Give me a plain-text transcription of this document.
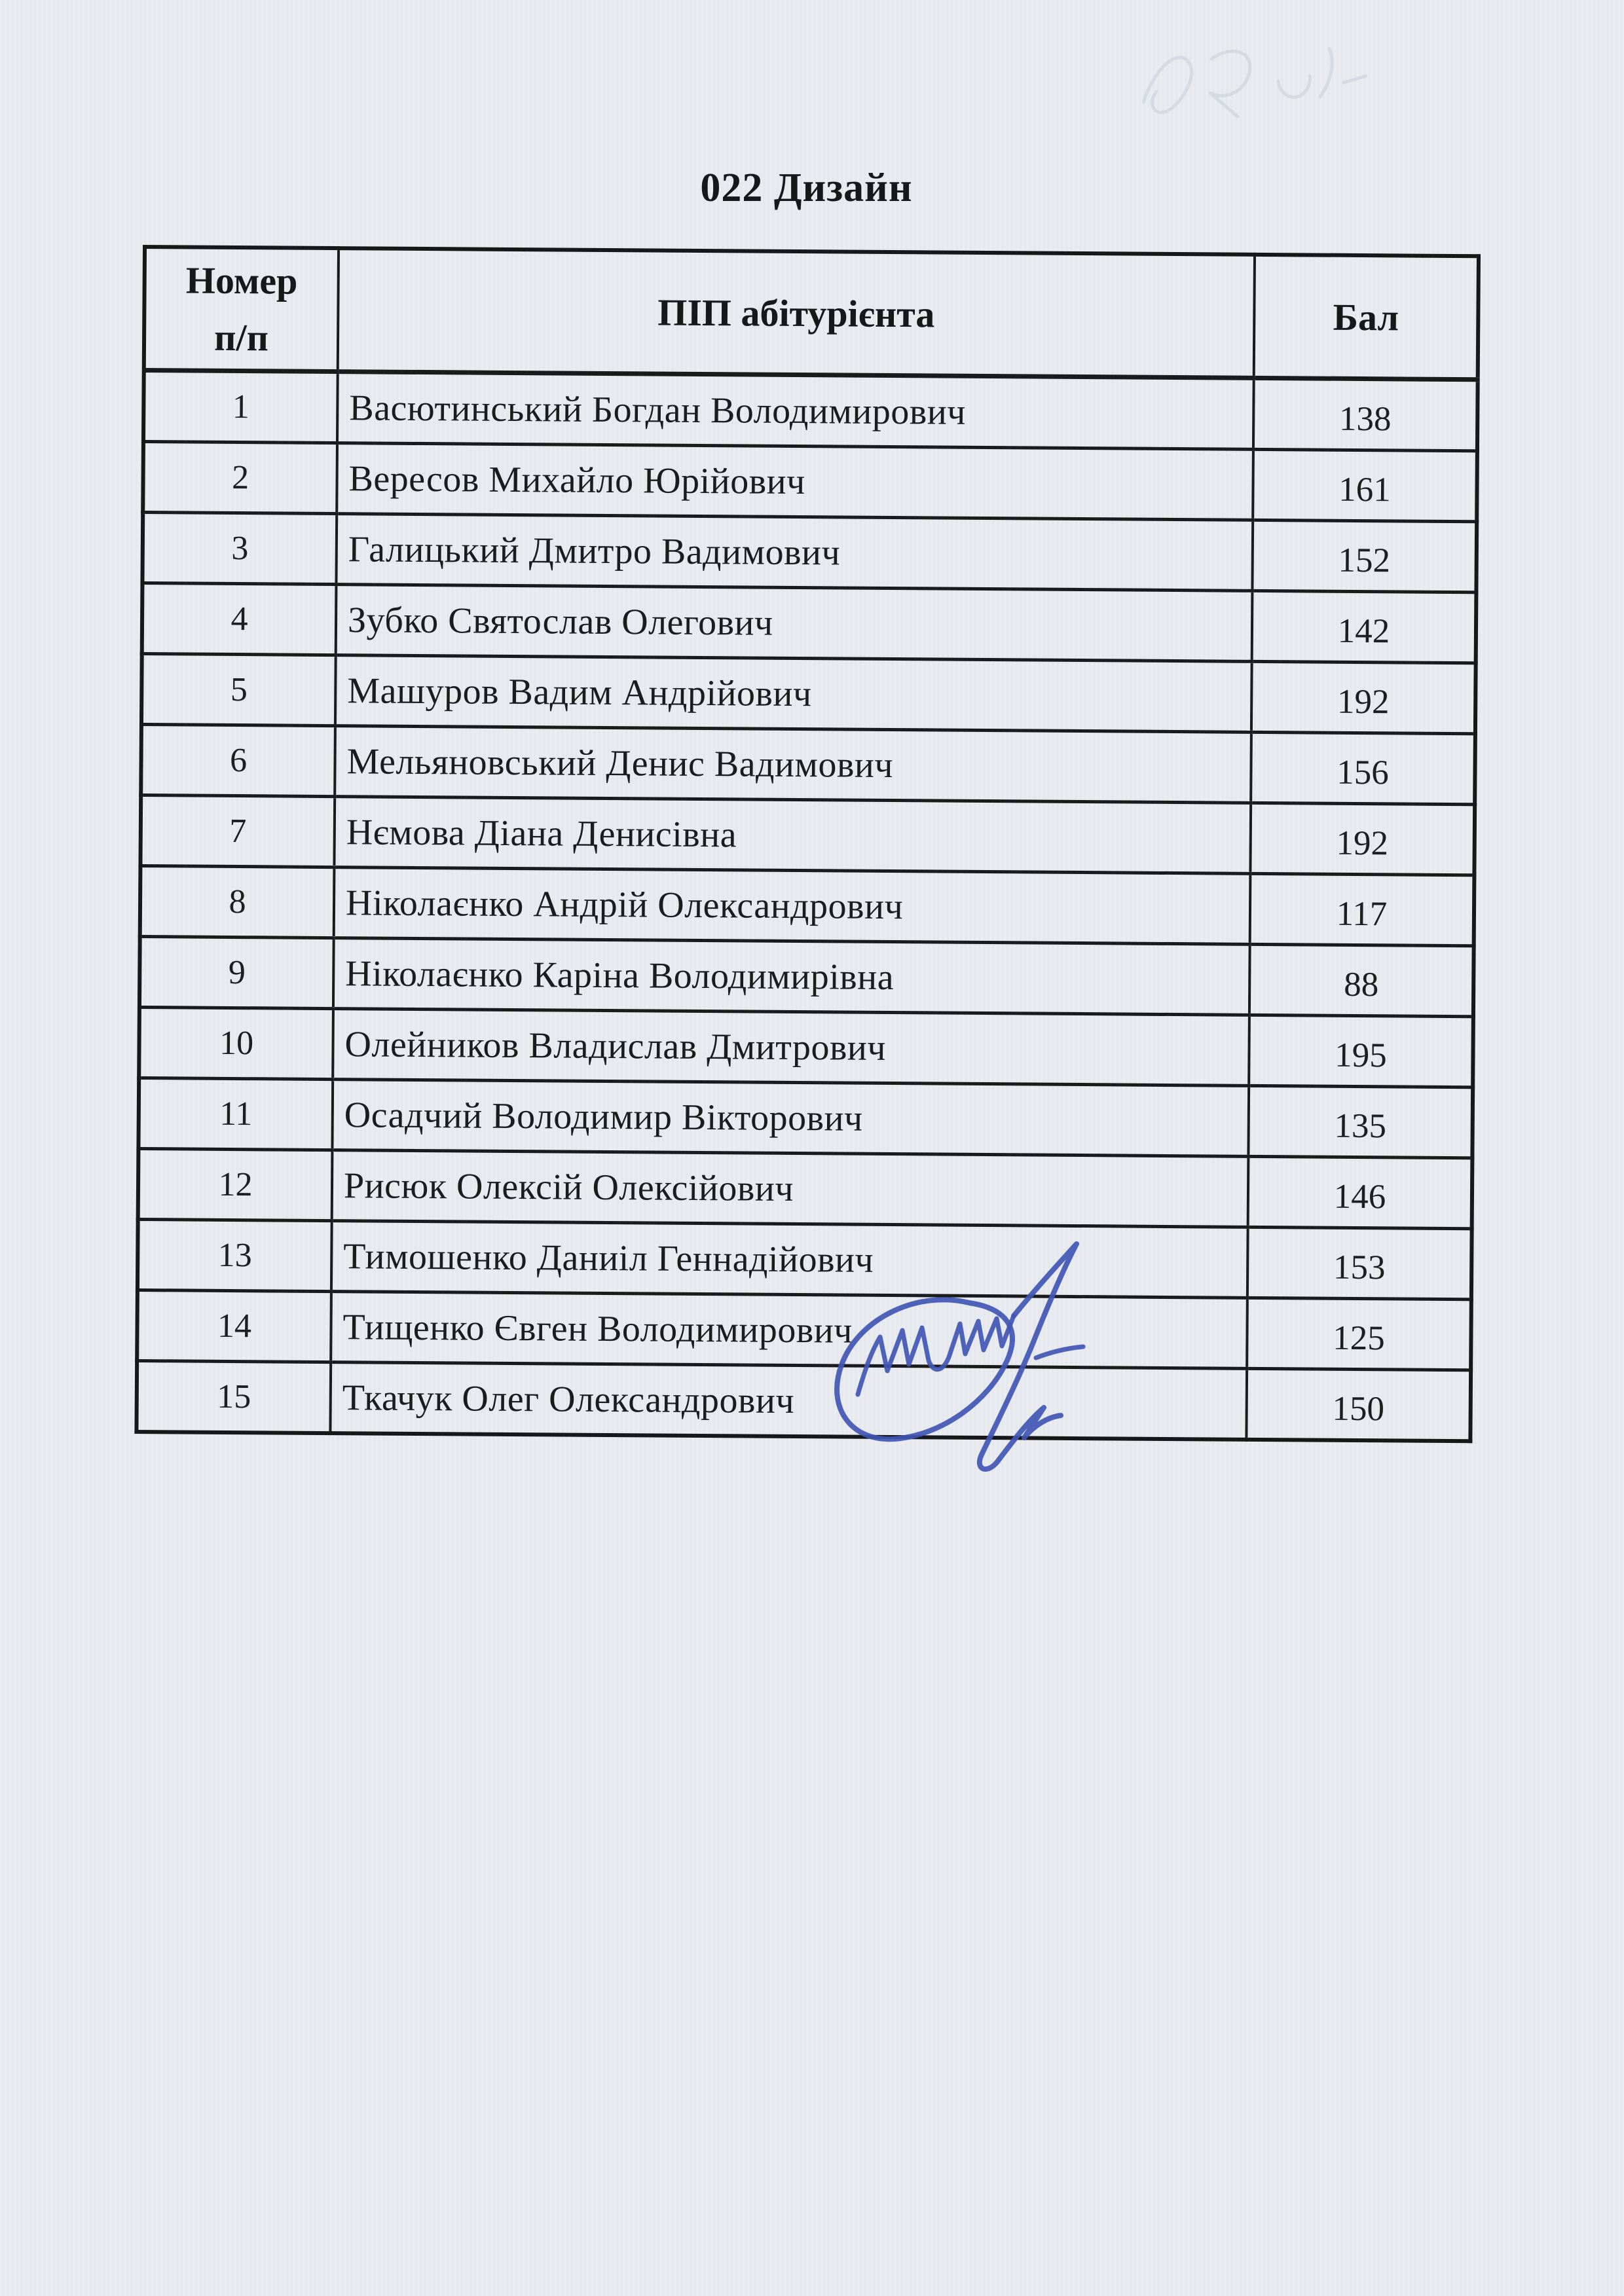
022 Дизайн
Номер
п/п	ПІП абітурієнта	Бал
1	Васютинський Богдан Володимирович	138
2	Вересов Михайло Юрійович	161
3	Галицький Дмитро Вадимович	152
4	Зубко Святослав Олегович	142
5	Машуров Вадим Андрійович	192
6	Мельяновський Денис Вадимович	156
7	Нємова Діана Денисівна	192
8	Ніколаєнко Андрій Олександрович	117
9	Ніколаєнко Каріна Володимирівна	88
10	Олейников Владислав Дмитрович	195
11	Осадчий Володимир Вікторович	135
12	Рисюк Олексій Олексійович	146
13	Тимошенко Даниіл Геннадійович	153
14	Тищенко Євген Володимирович	125
15	Ткачук Олег Олександрович	150
